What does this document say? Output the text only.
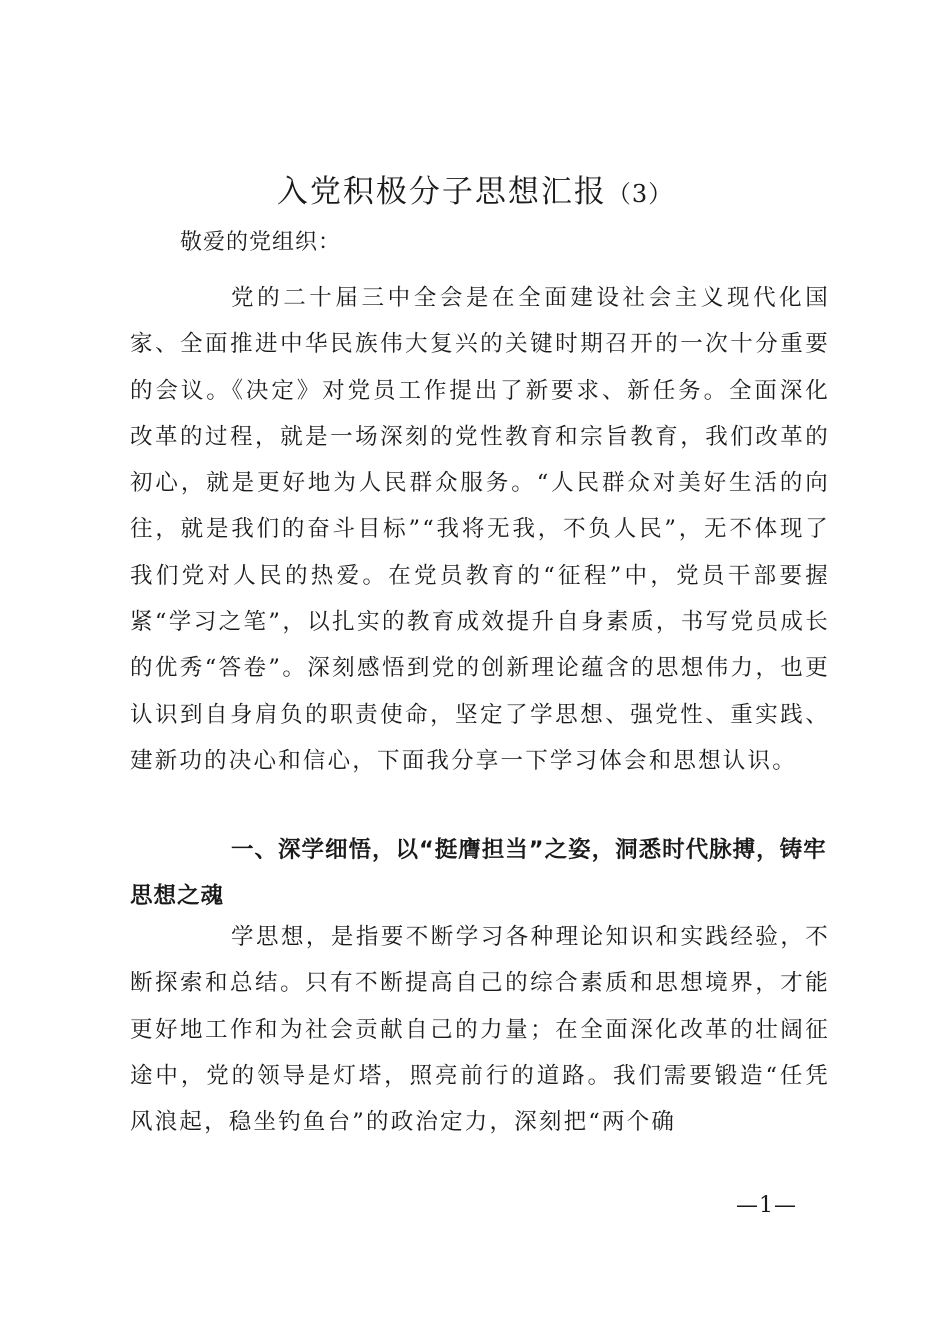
入党积极分子思想汇报（3）
敬爱的党组织：

党的二十届三中全会是在全面建设社会主义现代化国家、全面推进中华民族伟大复兴的关键时期召开的一次十分重要的会议。《决定》对党员工作提出了新要求、新任务。全面深化改革的过程，就是一场深刻的党性教育和宗旨教育，我们改革的初心，就是更好地为人民群众服务。“人民群众对美好生活的向往，就是我们的奋斗目标”“我将无我，不负人民”，无不体现了我们党对人民的热爱。在党员教育的“征程”中，党员干部要握紧“学习之笔”，以扎实的教育成效提升自身素质，书写党员成长的优秀“答卷”。深刻感悟到党的创新理论蕴含的思想伟力，也更认识到自身肩负的职责使命，坚定了学思想、强党性、重实践、建新功的决心和信心，下面我分享一下学习体会和思想认识。

一、深学细悟，以“挺膺担当”之姿，洞悉时代脉搏，铸牢思想之魂

学思想，是指要不断学习各种理论知识和实践经验，不断探索和总结。只有不断提高自己的综合素质和思想境界，才能更好地工作和为社会贡献自己的力量；在全面深化改革的壮阔征途中，党的领导是灯塔，照亮前行的道路。我们需要锻造“任凭风浪起，稳坐钓鱼台”的政治定力，深刻把“两个确

—1—
